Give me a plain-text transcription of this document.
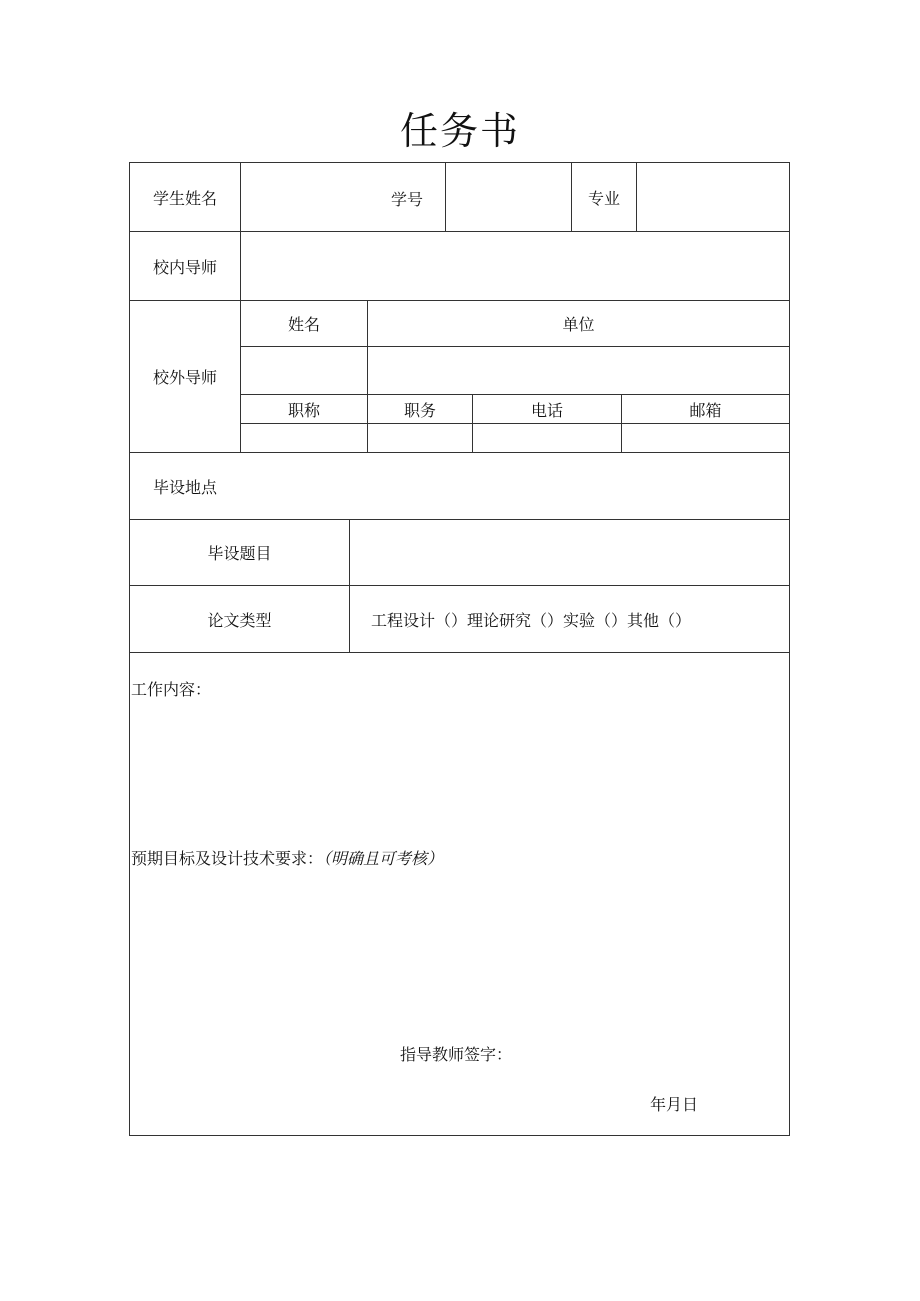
任务书
学生姓名	学号	专业
校内导师
校外导师
姓名	单位
职称	职务	电话	邮箱
毕设地点
毕设题目
论文类型	工程设计（）理论研究（）实验（）其他（）
工作内容：
预期目标及设计技术要求：（明确且可考核）
指导教师签字：
年月日
